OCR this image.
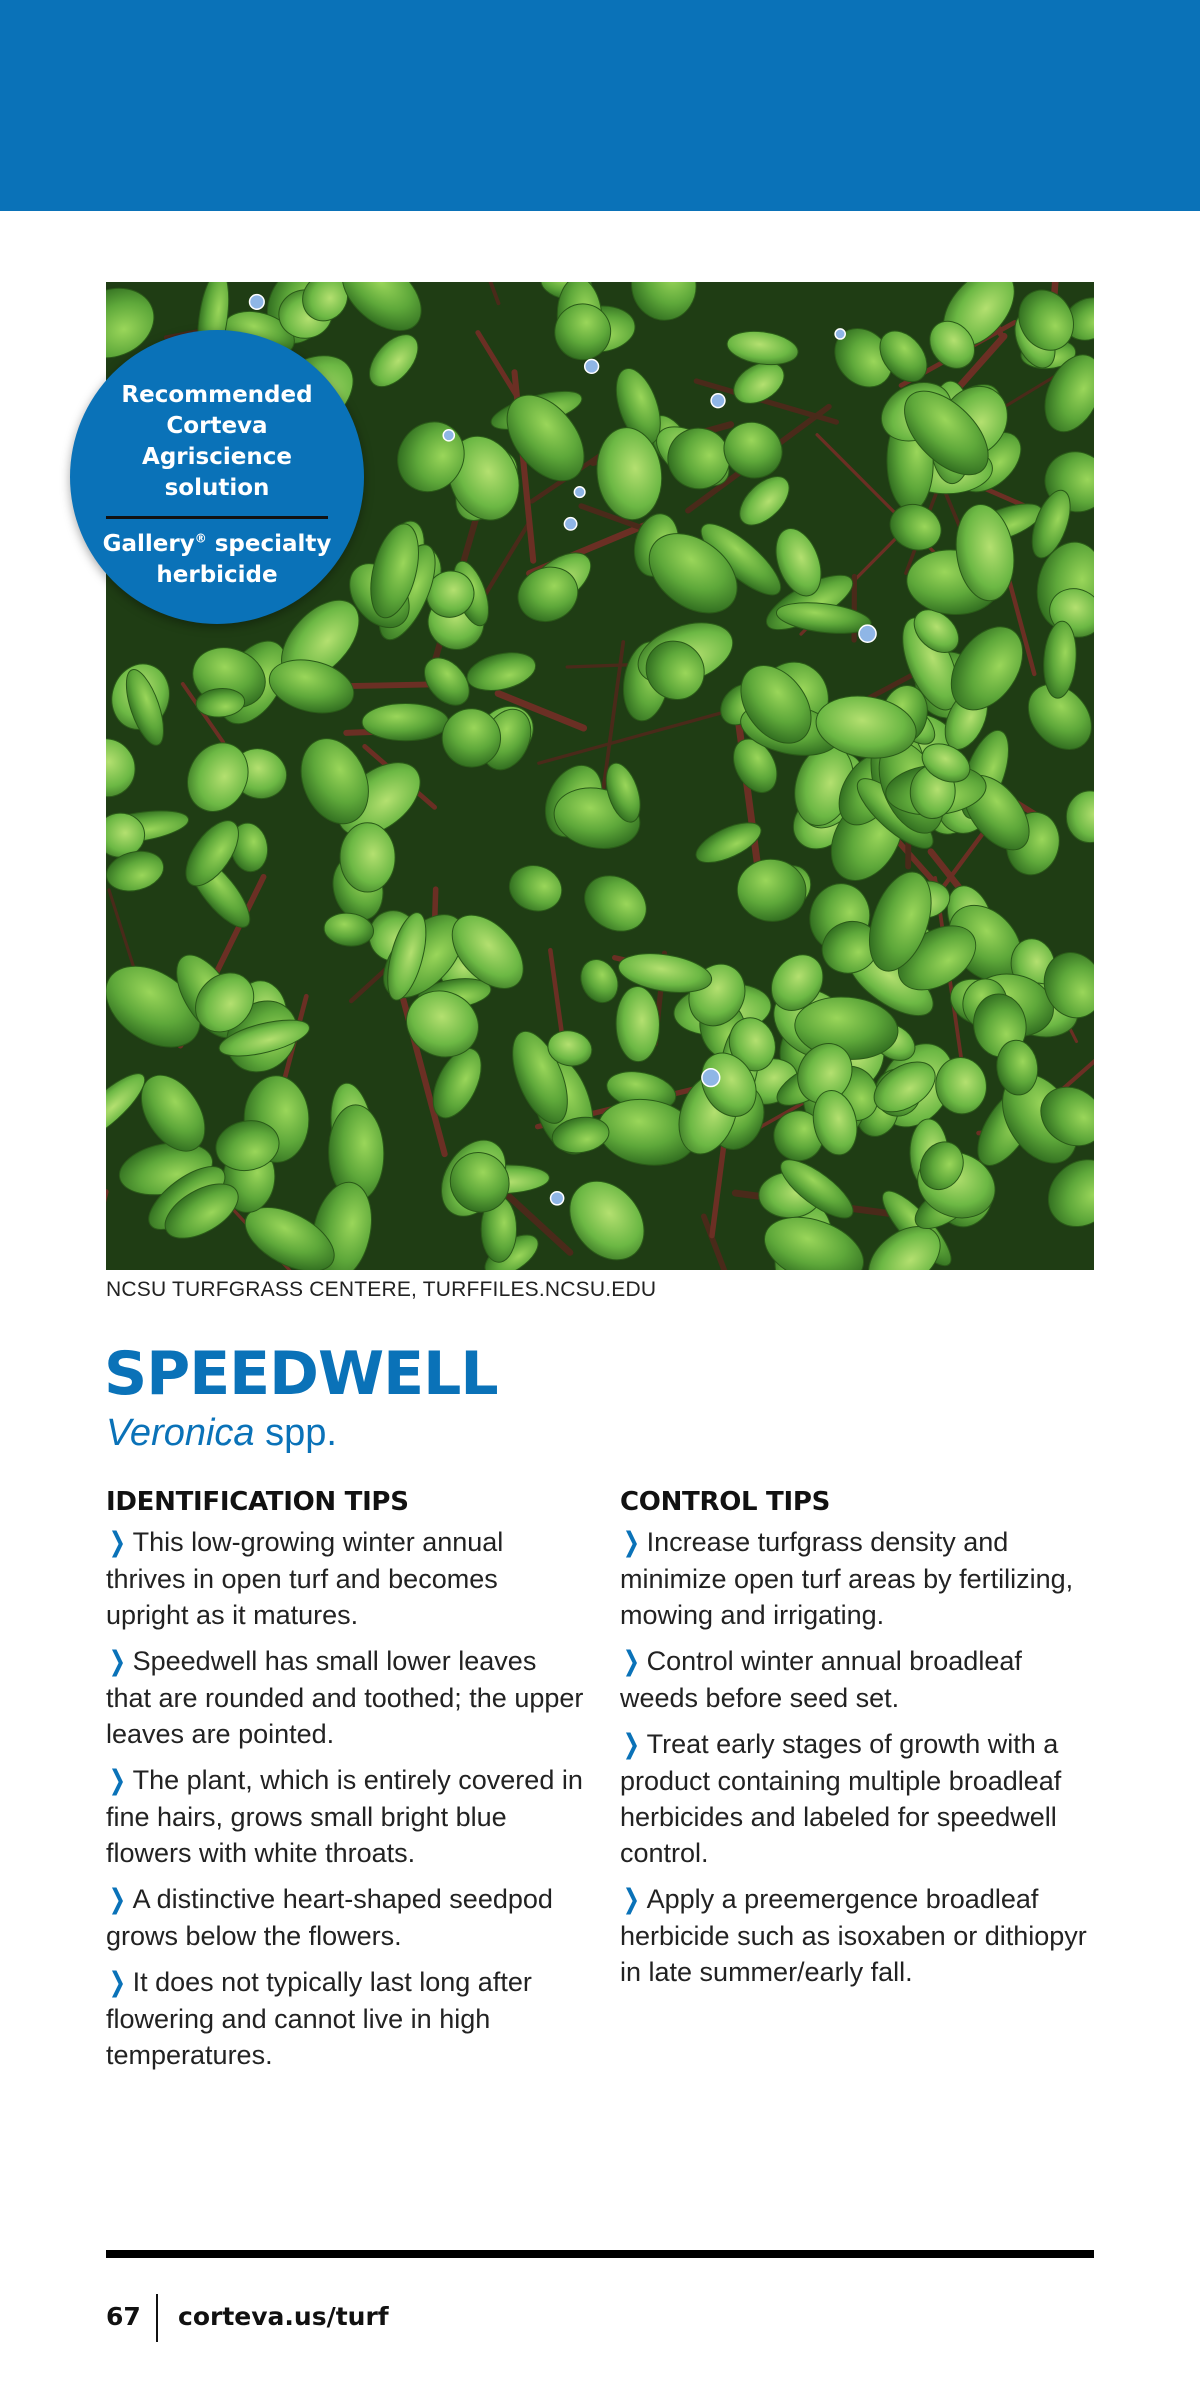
Recommended Corteva Agriscience solution
Gallery® specialty herbicide
NCSU TURFGRASS CENTERE, TURFFILES.NCSU.EDU
SPEEDWELL
Veronica spp.
IDENTIFICATION TIPS

❯ This low-growing winter annual thrives in open turf and becomes upright as it matures.

❯ Speedwell has small lower leaves that are rounded and toothed; the upper leaves are pointed.

❯ The plant, which is entirely covered in fine hairs, grows small bright blue flowers with white throats.

❯ A distinctive heart-shaped seedpod grows below the flowers.

❯ It does not typically last long after flowering and cannot live in high temperatures.

CONTROL TIPS

❯ Increase turfgrass density and minimize open turf areas by fertilizing, mowing and irrigating.

❯ Control winter annual broadleaf weeds before seed set.

❯ Treat early stages of growth with a product containing multiple broadleaf herbicides and labeled for speedwell control.

❯ Apply a preemergence broadleaf herbicide such as isoxaben or dithiopyr in late summer/early fall.

67 corteva.us/turf
